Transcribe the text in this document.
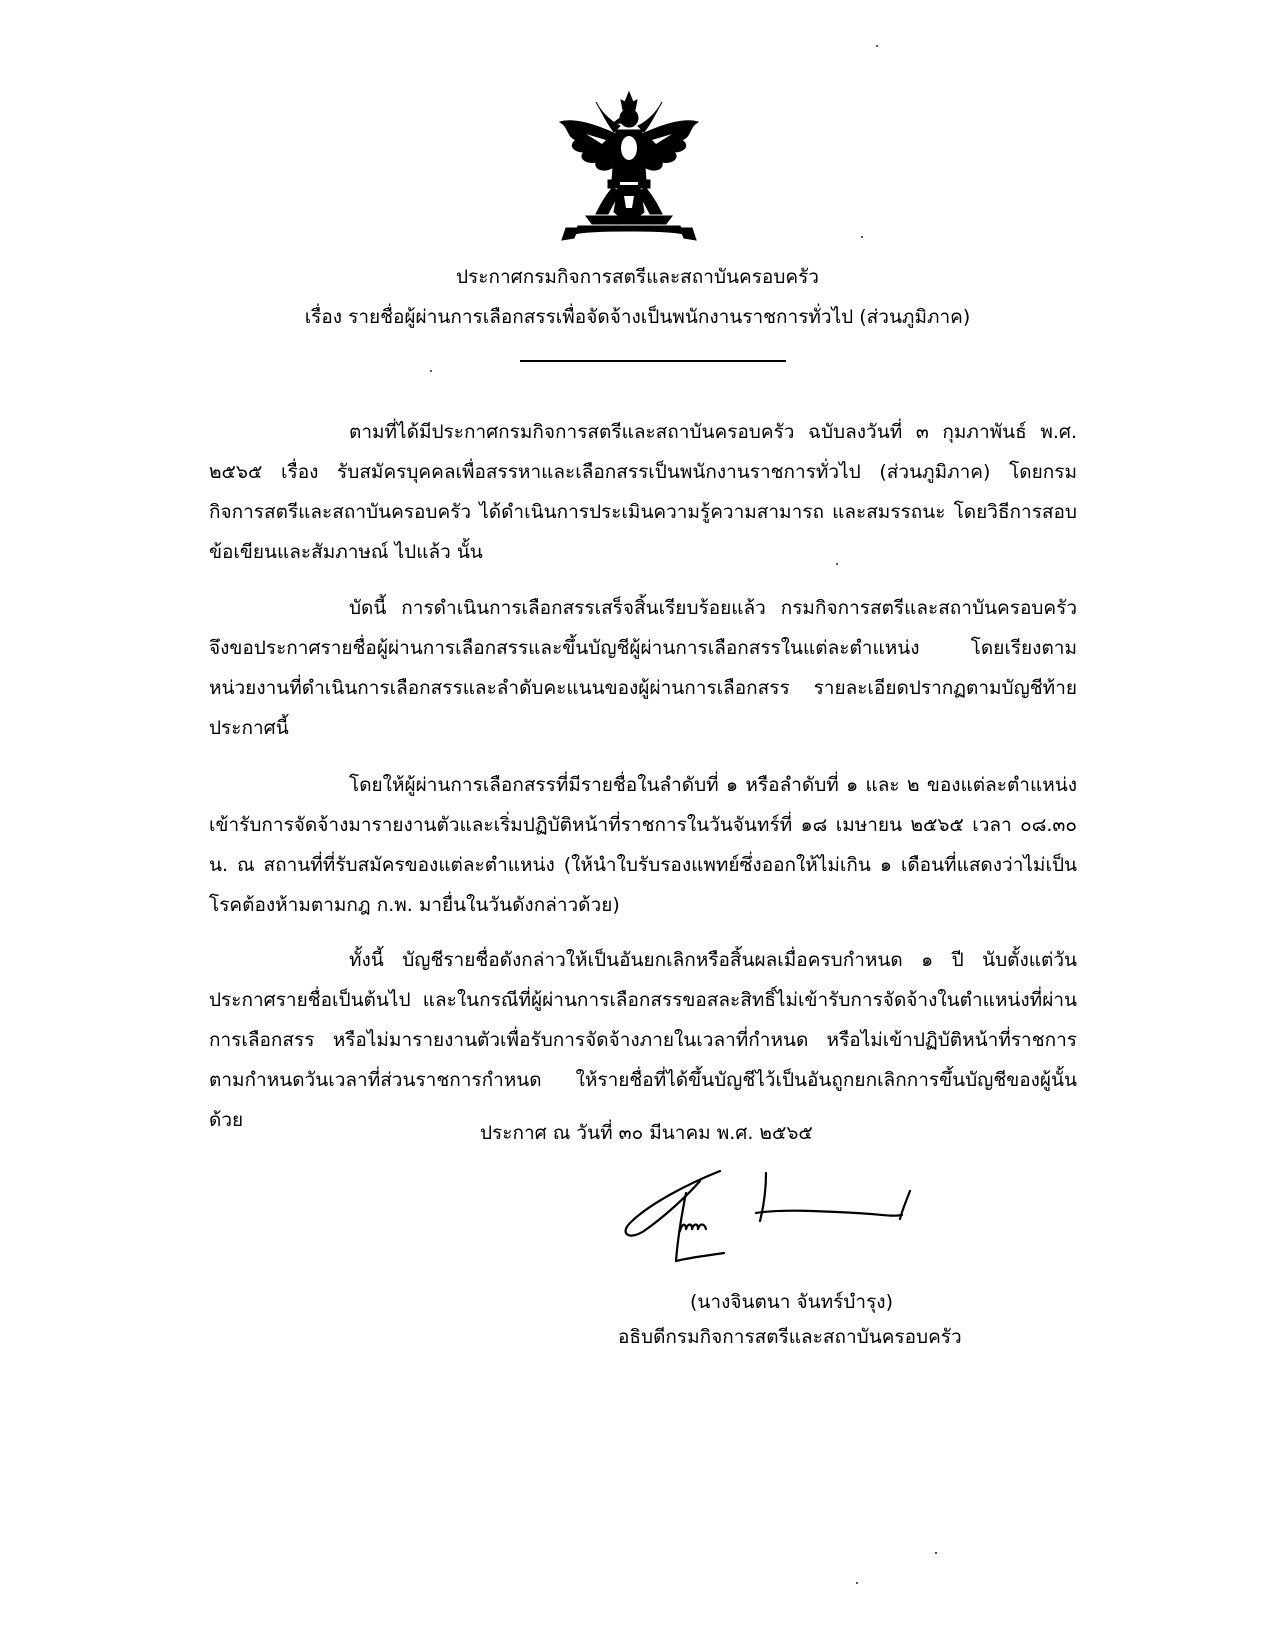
ประกาศกรมกิจการสตรีและสถาบันครอบครัว
เรื่อง รายชื่อผู้ผ่านการเลือกสรรเพื่อจัดจ้างเป็นพนักงานราชการทั่วไป (ส่วนภูมิภาค)

ตามที่ได้มีประกาศกรมกิจการสตรีและสถาบันครอบครัว ฉบับลงวันที่ ๓ กุมภาพันธ์ พ.ศ. ๒๕๖๕ เรื่อง รับสมัครบุคคลเพื่อสรรหาและเลือกสรรเป็นพนักงานราชการทั่วไป (ส่วนภูมิภาค) โดยกรมกิจการสตรีและสถาบันครอบครัว ได้ดำเนินการประเมินความรู้ความสามารถ และสมรรถนะ โดยวิธีการสอบข้อเขียนและสัมภาษณ์ ไปแล้ว นั้น

บัดนี้ การดำเนินการเลือกสรรเสร็จสิ้นเรียบร้อยแล้ว กรมกิจการสตรีและสถาบันครอบครัว จึงขอประกาศรายชื่อผู้ผ่านการเลือกสรรและขึ้นบัญชีผู้ผ่านการเลือกสรรในแต่ละตำแหน่ง โดยเรียงตามหน่วยงานที่ดำเนินการเลือกสรรและลำดับคะแนนของผู้ผ่านการเลือกสรร รายละเอียดปรากฏตามบัญชีท้ายประกาศนี้

โดยให้ผู้ผ่านการเลือกสรรที่มีรายชื่อในลำดับที่ ๑ หรือลำดับที่ ๑ และ ๒ ของแต่ละตำแหน่ง เข้ารับการจัดจ้างมารายงานตัวและเริ่มปฏิบัติหน้าที่ราชการในวันจันทร์ที่ ๑๘ เมษายน ๒๕๖๕ เวลา ๐๘.๓๐ น. ณ สถานที่ที่รับสมัครของแต่ละตำแหน่ง (ให้นำใบรับรองแพทย์ซึ่งออกให้ไม่เกิน ๑ เดือนที่แสดงว่าไม่เป็นโรคต้องห้ามตามกฎ ก.พ. มายื่นในวันดังกล่าวด้วย)

ทั้งนี้ บัญชีรายชื่อดังกล่าวให้เป็นอันยกเลิกหรือสิ้นผลเมื่อครบกำหนด ๑ ปี นับตั้งแต่วันประกาศรายชื่อเป็นต้นไป และในกรณีที่ผู้ผ่านการเลือกสรรขอสละสิทธิ์ไม่เข้ารับการจัดจ้างในตำแหน่งที่ผ่านการเลือกสรร หรือไม่มารายงานตัวเพื่อรับการจัดจ้างภายในเวลาที่กำหนด หรือไม่เข้าปฏิบัติหน้าที่ราชการตามกำหนดวันเวลาที่ส่วนราชการกำหนด ให้รายชื่อที่ได้ขึ้นบัญชีไว้เป็นอันถูกยกเลิกการขึ้นบัญชีของผู้นั้นด้วย

ประกาศ ณ วันที่ ๓๐ มีนาคม พ.ศ. ๒๕๖๕
(นางจินตนา จันทร์บำรุง)
อธิบดีกรมกิจการสตรีและสถาบันครอบครัว
